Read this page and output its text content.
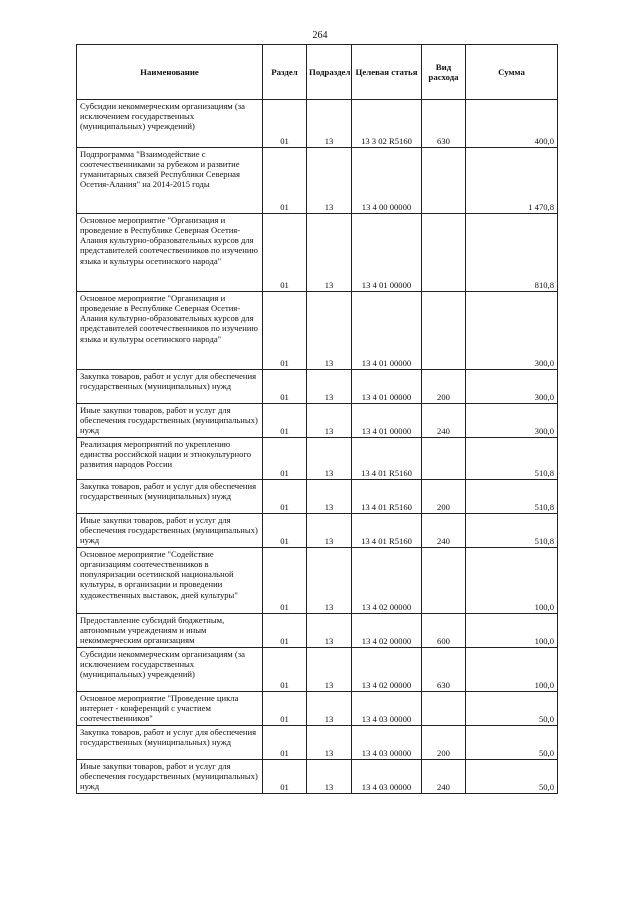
264
Наименование	Раздел	Подраздел	Целевая статья	Вид расхода	Сумма
Субсидии некоммерческим организациям (за исключением государственных (муниципальных) учреждений)	01	13	13 3 02 R5160	630	400,0
Подпрограмма "Взаимодействие с соотечественниками за рубежом и развитие гуманитарных связей Республики Северная Осетия-Алания" на 2014-2015 годы	01	13	13 4 00 00000		1 470,8
Основное мероприятие "Организация и проведение в Республике Северная Осетия-Алания культурно-образовательных курсов для представителей соотечественников по изучению языка и культуры осетинского народа"	01	13	13 4 01 00000		810,8
Основное мероприятие "Организация и проведение в Республике Северная Осетия-Алания культурно-образовательных курсов для представителей соотечественников по изучению языка и культуры осетинского народа"	01	13	13 4 01 00000		300,0
Закупка товаров, работ и услуг для обеспечения государственных (муниципальных) нужд	01	13	13 4 01 00000	200	300,0
Иные закупки товаров, работ и услуг для обеспечения государственных (муниципальных) нужд	01	13	13 4 01 00000	240	300,0
Реализация мероприятий по укреплению единства российской нации и этнокультурного развития народов России	01	13	13 4 01 R5160		510,8
Закупка товаров, работ и услуг для обеспечения государственных (муниципальных) нужд	01	13	13 4 01 R5160	200	510,8
Иные закупки товаров, работ и услуг для обеспечения государственных (муниципальных) нужд	01	13	13 4 01 R5160	240	510,8
Основное мероприятие "Содействие организациям соотечественников в популяризации осетинской национальной культуры, в организации и проведении художественных выставок, дней культуры"	01	13	13 4 02 00000		100,0
Предоставление субсидий бюджетным, автономным учреждениям и иным некоммерческим организациям	01	13	13 4 02 00000	600	100,0
Субсидии некоммерческим организациям (за исключением государственных (муниципальных) учреждений)	01	13	13 4 02 00000	630	100,0
Основное мероприятие "Проведение цикла интернет - конференций с участием соотечественников"	01	13	13 4 03 00000		50,0
Закупка товаров, работ и услуг для обеспечения государственных (муниципальных) нужд	01	13	13 4 03 00000	200	50,0
Иные закупки товаров, работ и услуг для обеспечения государственных (муниципальных) нужд	01	13	13 4 03 00000	240	50,0
